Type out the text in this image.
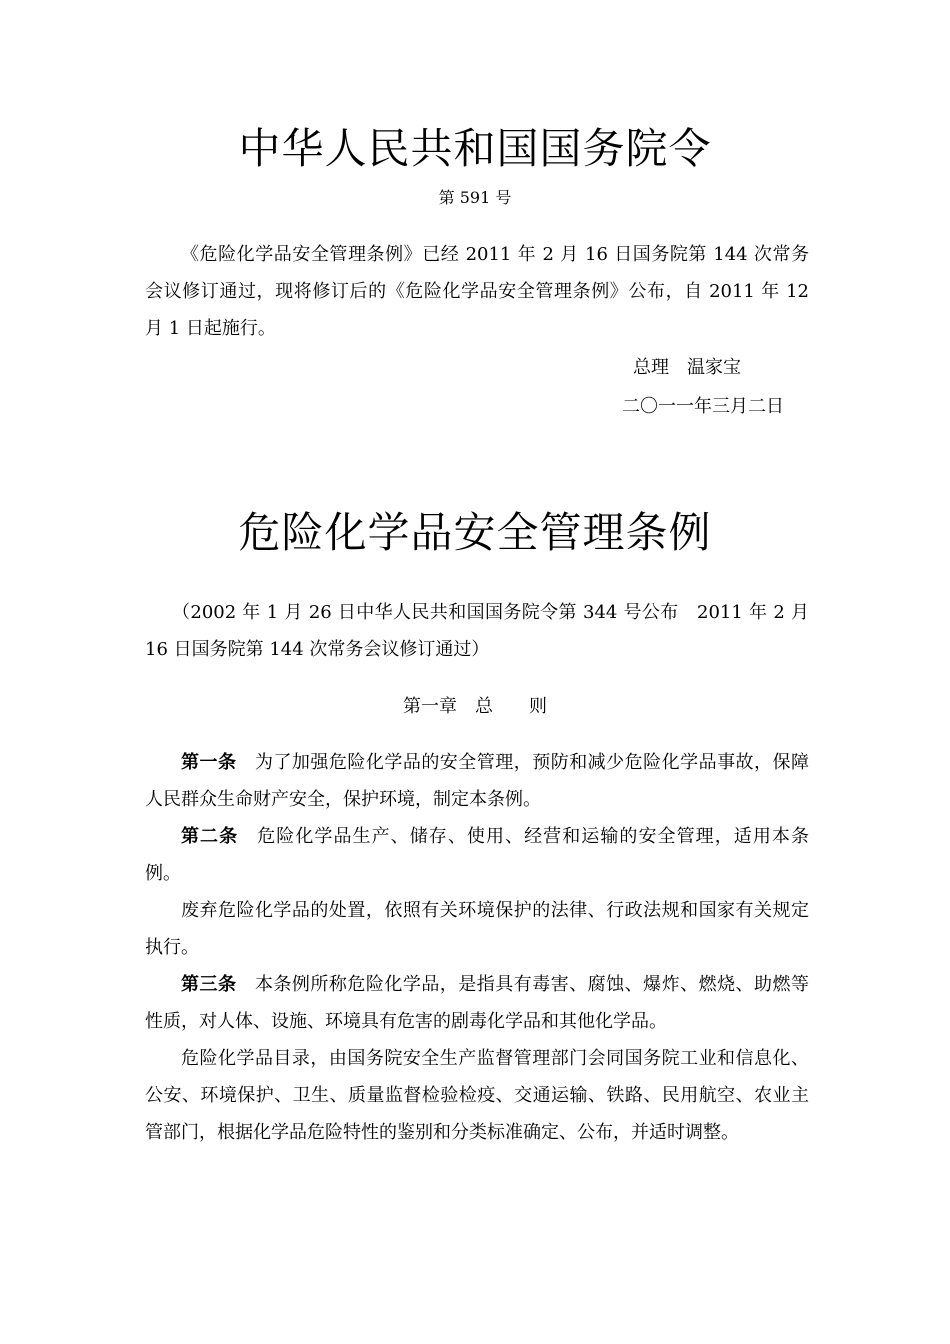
中华人民共和国国务院令
第 591 号

《危险化学品安全管理条例》已经 2011 年 2 月 16 日国务院第 144 次常务会议修订通过，现将修订后的《危险化学品安全管理条例》公布，自 2011 年 12 月 1 日起施行。

总理 温家宝
二〇一一年三月二日
危险化学品安全管理条例

（2002 年 1 月 26 日中华人民共和国国务院令第 344 号公布　2011 年 2 月 16 日国务院第 144 次常务会议修订通过）

第一章 总 则

第一条 为了加强危险化学品的安全管理，预防和减少危险化学品事故，保障人民群众生命财产安全，保护环境，制定本条例。

第二条 危险化学品生产、储存、使用、经营和运输的安全管理，适用本条例。

废弃危险化学品的处置，依照有关环境保护的法律、行政法规和国家有关规定执行。

第三条 本条例所称危险化学品，是指具有毒害、腐蚀、爆炸、燃烧、助燃等性质，对人体、设施、环境具有危害的剧毒化学品和其他化学品。

危险化学品目录，由国务院安全生产监督管理部门会同国务院工业和信息化、公安、环境保护、卫生、质量监督检验检疫、交通运输、铁路、民用航空、农业主管部门，根据化学品危险特性的鉴别和分类标准确定、公布，并适时调整。
